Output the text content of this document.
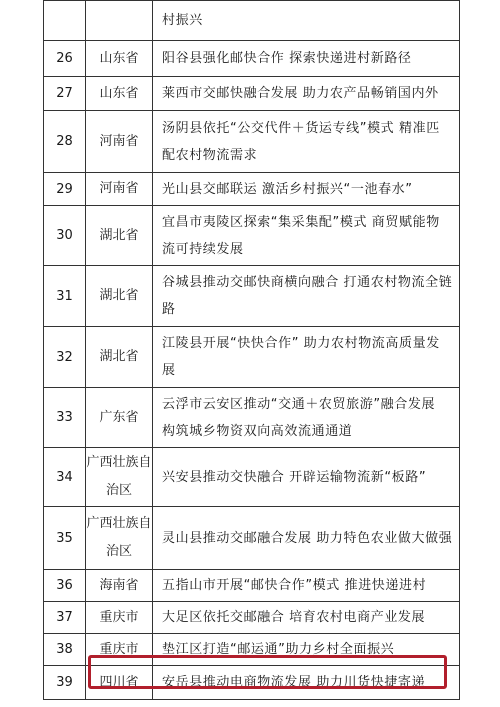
		村振兴
26	山东省	阳谷县强化邮快合作 探索快递进村新路径
27	山东省	莱西市交邮快融合发展 助力农产品畅销国内外
28	河南省	汤阴县依托“公交代件＋货运专线”模式 精准匹配农村物流需求
29	河南省	光山县交邮联运 激活乡村振兴“一池春水”
30	湖北省	宜昌市夷陵区探索“集采集配”模式 商贸赋能物流可持续发展
31	湖北省	谷城县推动交邮快商横向融合 打通农村物流全链路
32	湖北省	江陵县开展“快快合作” 助力农村物流高质量发展
33	广东省	云浮市云安区推动“交通＋农贸旅游”融合发展 构筑城乡物资双向高效流通通道
34	广西壮族自治区	兴安县推动交快融合 开辟运输物流新“板路”
35	广西壮族自治区	灵山县推动交邮融合发展 助力特色农业做大做强
36	海南省	五指山市开展“邮快合作”模式 推进快递进村
37	重庆市	大足区依托交邮融合 培育农村电商产业发展
38	重庆市	垫江区打造“邮运通”助力乡村全面振兴
39	四川省	安岳县推动电商物流发展 助力川货快捷寄递
